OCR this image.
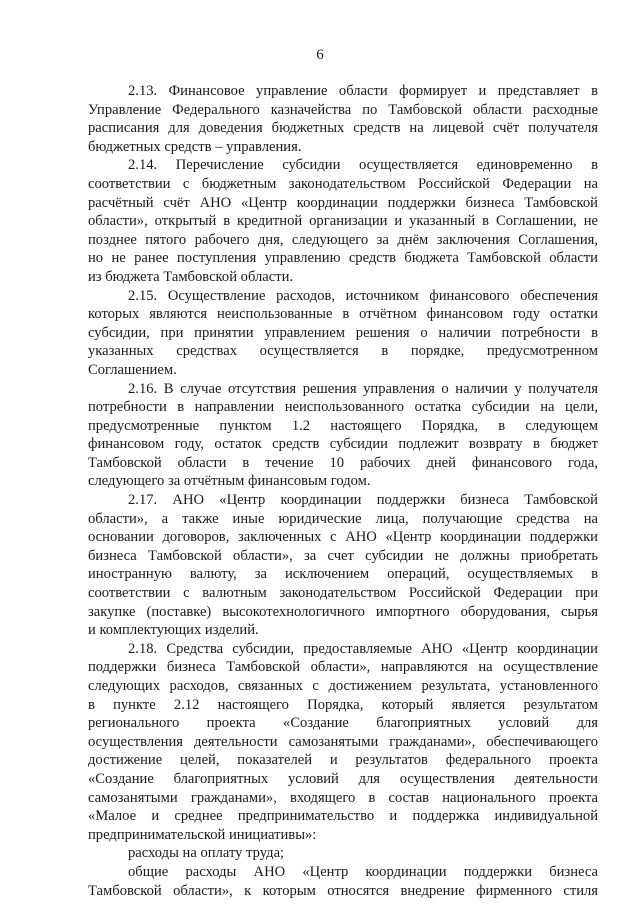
6
2.13. Финансовое управление области формирует и представляет в
Управление Федерального казначейства по Тамбовской области расходные
расписания для доведения бюджетных средств на лицевой счёт получателя
бюджетных средств – управления.
2.14. Перечисление субсидии осуществляется единовременно в
соответствии с бюджетным законодательством Российской Федерации на
расчётный счёт АНО «Центр координации поддержки бизнеса Тамбовской
области», открытый в кредитной организации и указанный в Соглашении, не
позднее пятого рабочего дня, следующего за днём заключения Соглашения,
но не ранее поступления управлению средств бюджета Тамбовской области
из бюджета Тамбовской области.
2.15. Осуществление расходов, источником финансового обеспечения
которых являются неиспользованные в отчётном финансовом году остатки
субсидии, при принятии управлением решения о наличии потребности в
указанных средствах осуществляется в порядке, предусмотренном
Соглашением.
2.16. В случае отсутствия решения управления о наличии у получателя
потребности в направлении неиспользованного остатка субсидии на цели,
предусмотренные пунктом 1.2 настоящего Порядка, в следующем
финансовом году, остаток средств субсидии подлежит возврату в бюджет
Тамбовской области в течение 10 рабочих дней финансового года,
следующего за отчётным финансовым годом.
2.17. АНО «Центр координации поддержки бизнеса Тамбовской
области», а также иные юридические лица, получающие средства на
основании договоров, заключенных с АНО «Центр координации поддержки
бизнеса Тамбовской области», за счет субсидии не должны приобретать
иностранную валюту, за исключением операций, осуществляемых в
соответствии с валютным законодательством Российской Федерации при
закупке (поставке) высокотехнологичного импортного оборудования, сырья
и комплектующих изделий.
2.18. Средства субсидии, предоставляемые АНО «Центр координации
поддержки бизнеса Тамбовской области», направляются на осуществление
следующих расходов, связанных с достижением результата, установленного
в пункте 2.12 настоящего Порядка, который является результатом
регионального проекта «Создание благоприятных условий для
осуществления деятельности самозанятыми гражданами», обеспечивающего
достижение целей, показателей и результатов федерального проекта
«Создание благоприятных условий для осуществления деятельности
самозанятыми гражданами», входящего в состав национального проекта
«Малое и среднее предпринимательство и поддержка индивидуальной
предпринимательской инициативы»:
расходы на оплату труда;
общие расходы АНО «Центр координации поддержки бизнеса
Тамбовской области», к которым относятся внедрение фирменного стиля
